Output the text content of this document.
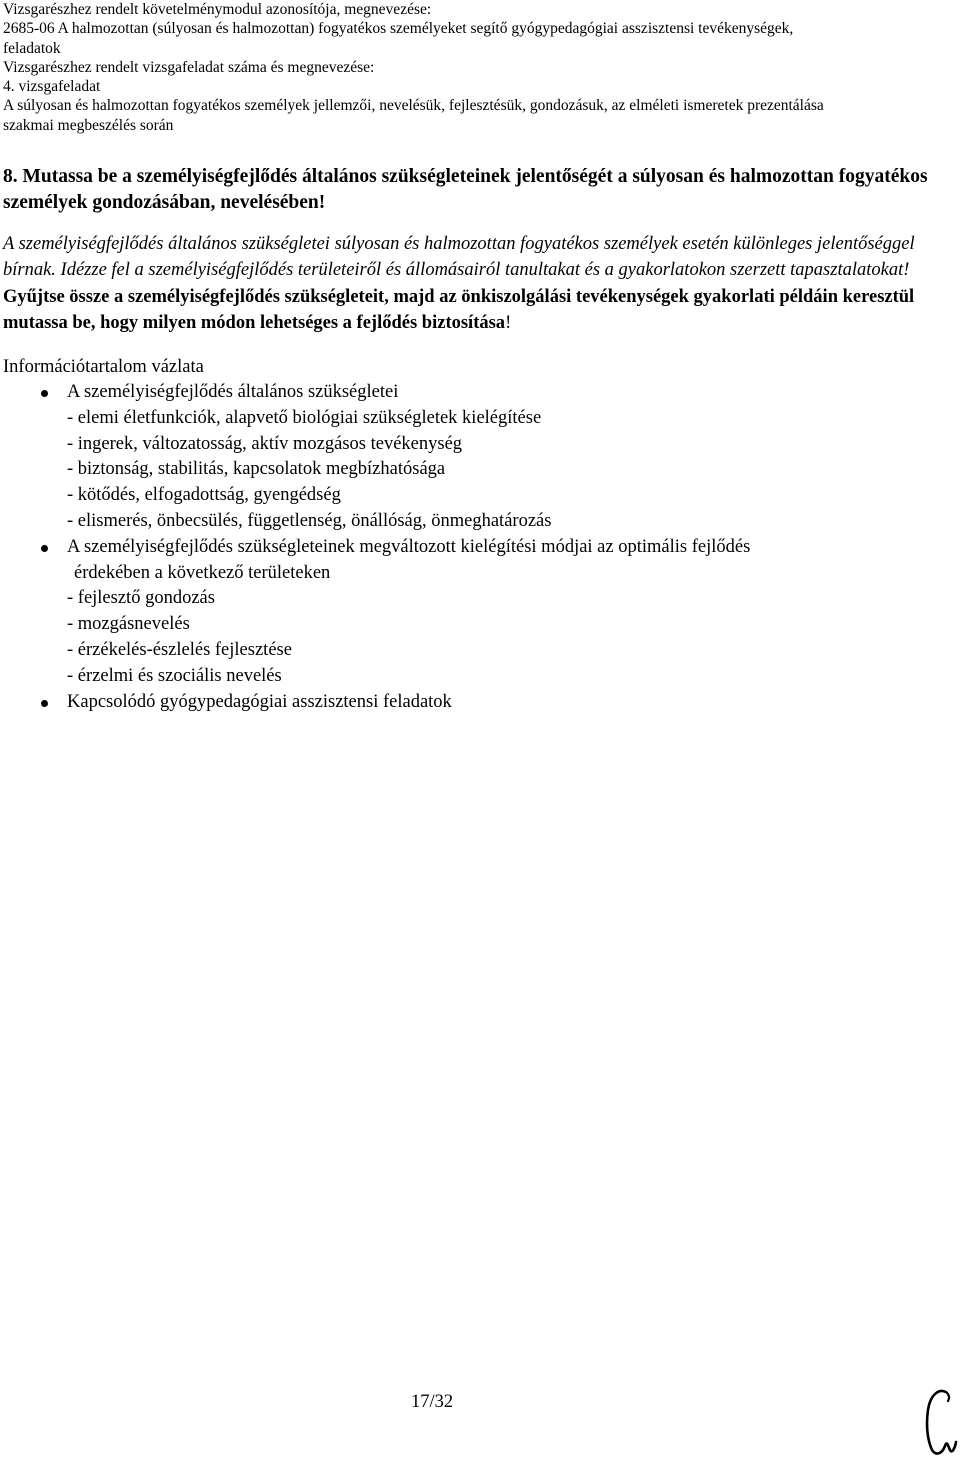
Vizsgarészhez rendelt követelménymodul azonosítója, megnevezése:
2685-06 A halmozottan (súlyosan és halmozottan) fogyatékos személyeket segítő gyógypedagógiai asszisztensi tevékenységek,
feladatok
Vizsgarészhez rendelt vizsgafeladat száma és megnevezése:
4. vizsgafeladat
A súlyosan és halmozottan fogyatékos személyek jellemzői, nevelésük, fejlesztésük, gondozásuk, az elméleti ismeretek prezentálása
szakmai megbeszélés során
8. Mutassa be a személyiségfejlődés általános szükségleteinek jelentőségét a súlyosan és halmozottan fogyatékos személyek gondozásában, nevelésében!
A személyiségfejlődés általános szükségletei súlyosan és halmozottan fogyatékos személyek esetén különleges jelentőséggel bírnak. Idézze fel a személyiségfejlődés területeiről és állomásairól tanultakat és a gyakorlatokon szerzett tapasztalatokat!
Gyűjtse össze a személyiségfejlődés szükségleteit, majd az önkiszolgálási tevékenységek gyakorlati példáin keresztül mutassa be, hogy milyen módon lehetséges a fejlődés biztosítása!
Információtartalom vázlata
A személyiségfejlődés általános szükségletei
- elemi életfunkciók, alapvető biológiai szükségletek kielégítése
- ingerek, változatosság, aktív mozgásos tevékenység
- biztonság, stabilitás, kapcsolatok megbízhatósága
- kötődés, elfogadottság, gyengédség
- elismerés, önbecsülés, függetlenség, önállóság, önmeghatározás
A személyiségfejlődés szükségleteinek megváltozott kielégítési módjai az optimális fejlődés
érdekében a következő területeken
- fejlesztő gondozás
- mozgásnevelés
- érzékelés-észlelés fejlesztése
- érzelmi és szociális nevelés
Kapcsolódó gyógypedagógiai asszisztensi feladatok
17/32
